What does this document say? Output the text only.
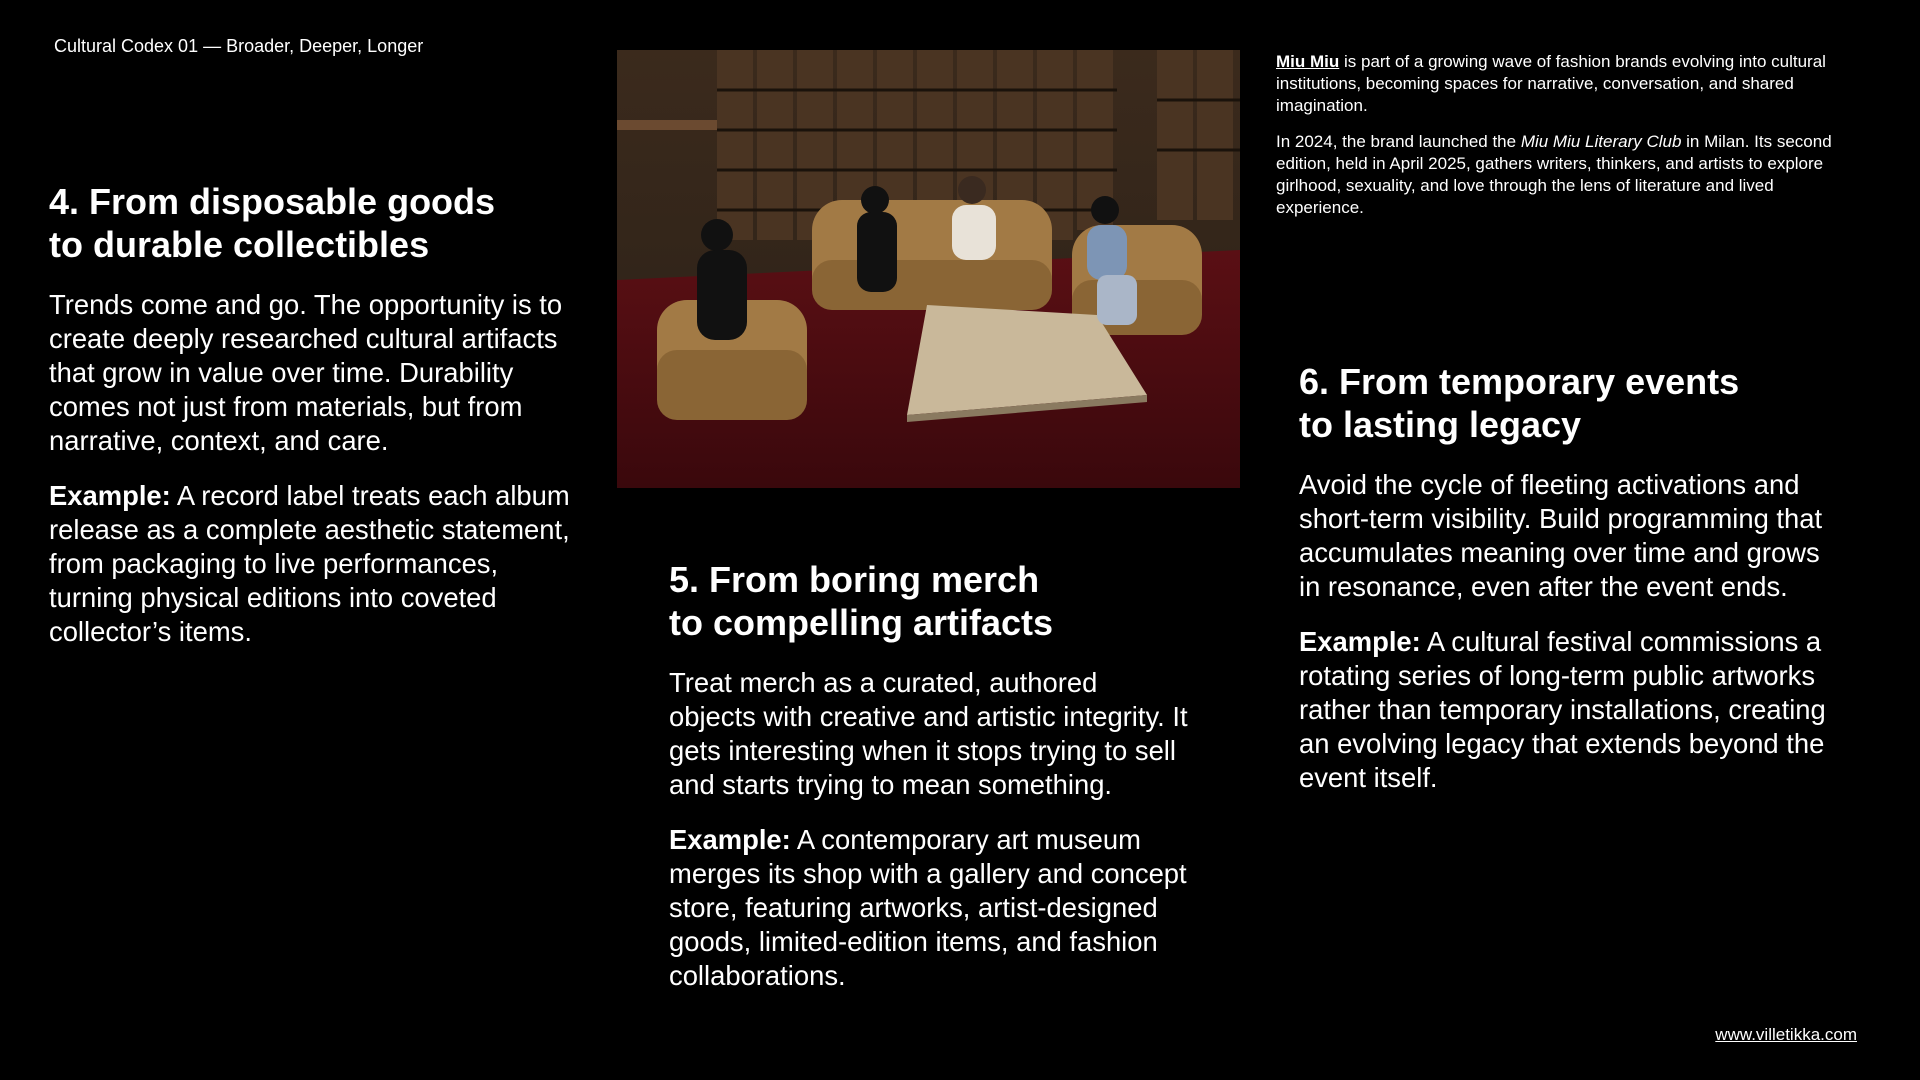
Cultural Codex 01 — Broader, Deeper, Longer
4. From disposable goods
to durable collectibles

Trends come and go. The opportunity is to create deeply researched cultural artifacts that grow in value over time. Durability comes not just from materials, but from narrative, context, and care.

Example: A record label treats each album release as a complete aesthetic statement, from packaging to live performances, turning physical editions into coveted collector’s items.

Miu Miu is part of a growing wave of fashion brands evolving into cultural institutions, becoming spaces for narrative, conversation, and shared imagination.

In 2024, the brand launched the Miu Miu Literary Club in Milan. Its second edition, held in April 2025, gathers writers, thinkers, and artists to explore girlhood, sexuality, and love through the lens of literature and lived experience.

5. From boring merch
to compelling artifacts

Treat merch as a curated, authored objects with creative and artistic integrity. It gets interesting when it stops trying to sell and starts trying to mean something.

Example: A contemporary art museum merges its shop with a gallery and concept store, featuring artworks, artist-designed goods, limited-edition items, and fashion collaborations.

6. From temporary events
to lasting legacy

Avoid the cycle of fleeting activations and short-term visibility. Build programming that accumulates meaning over time and grows in resonance, even after the event ends.

Example: A cultural festival commissions a rotating series of long-term public artworks rather than temporary installations, creating an evolving legacy that extends beyond the event itself.

www.villetikka.com
